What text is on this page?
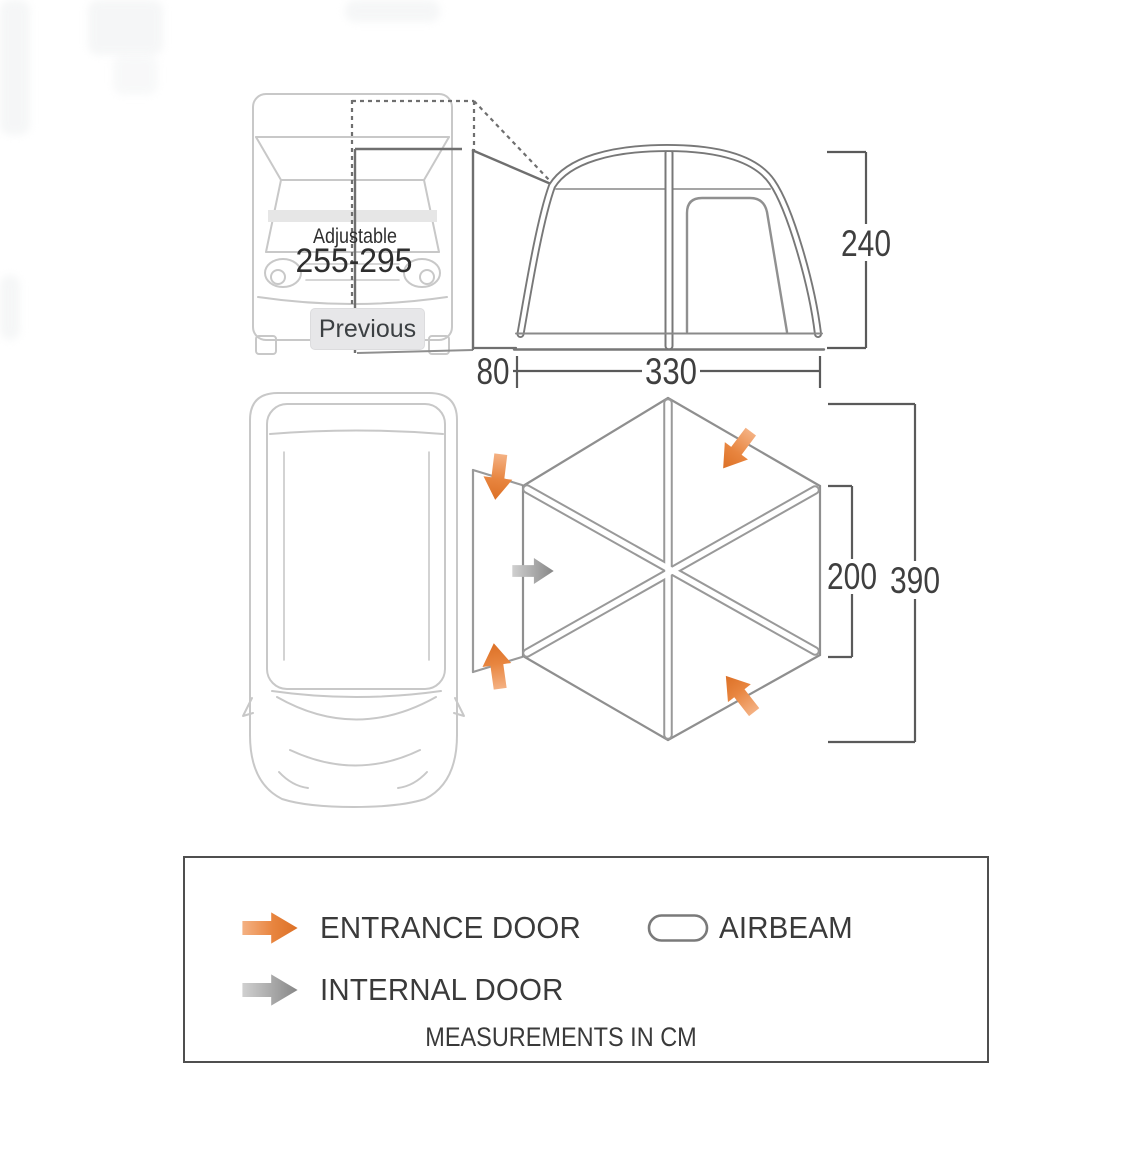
240
80	330
Adjustable
255-295
200 390
Previous
ENTRANCE DOOR	AIRBEAM
INTERNAL DOOR
MEASUREMENTS IN CM
